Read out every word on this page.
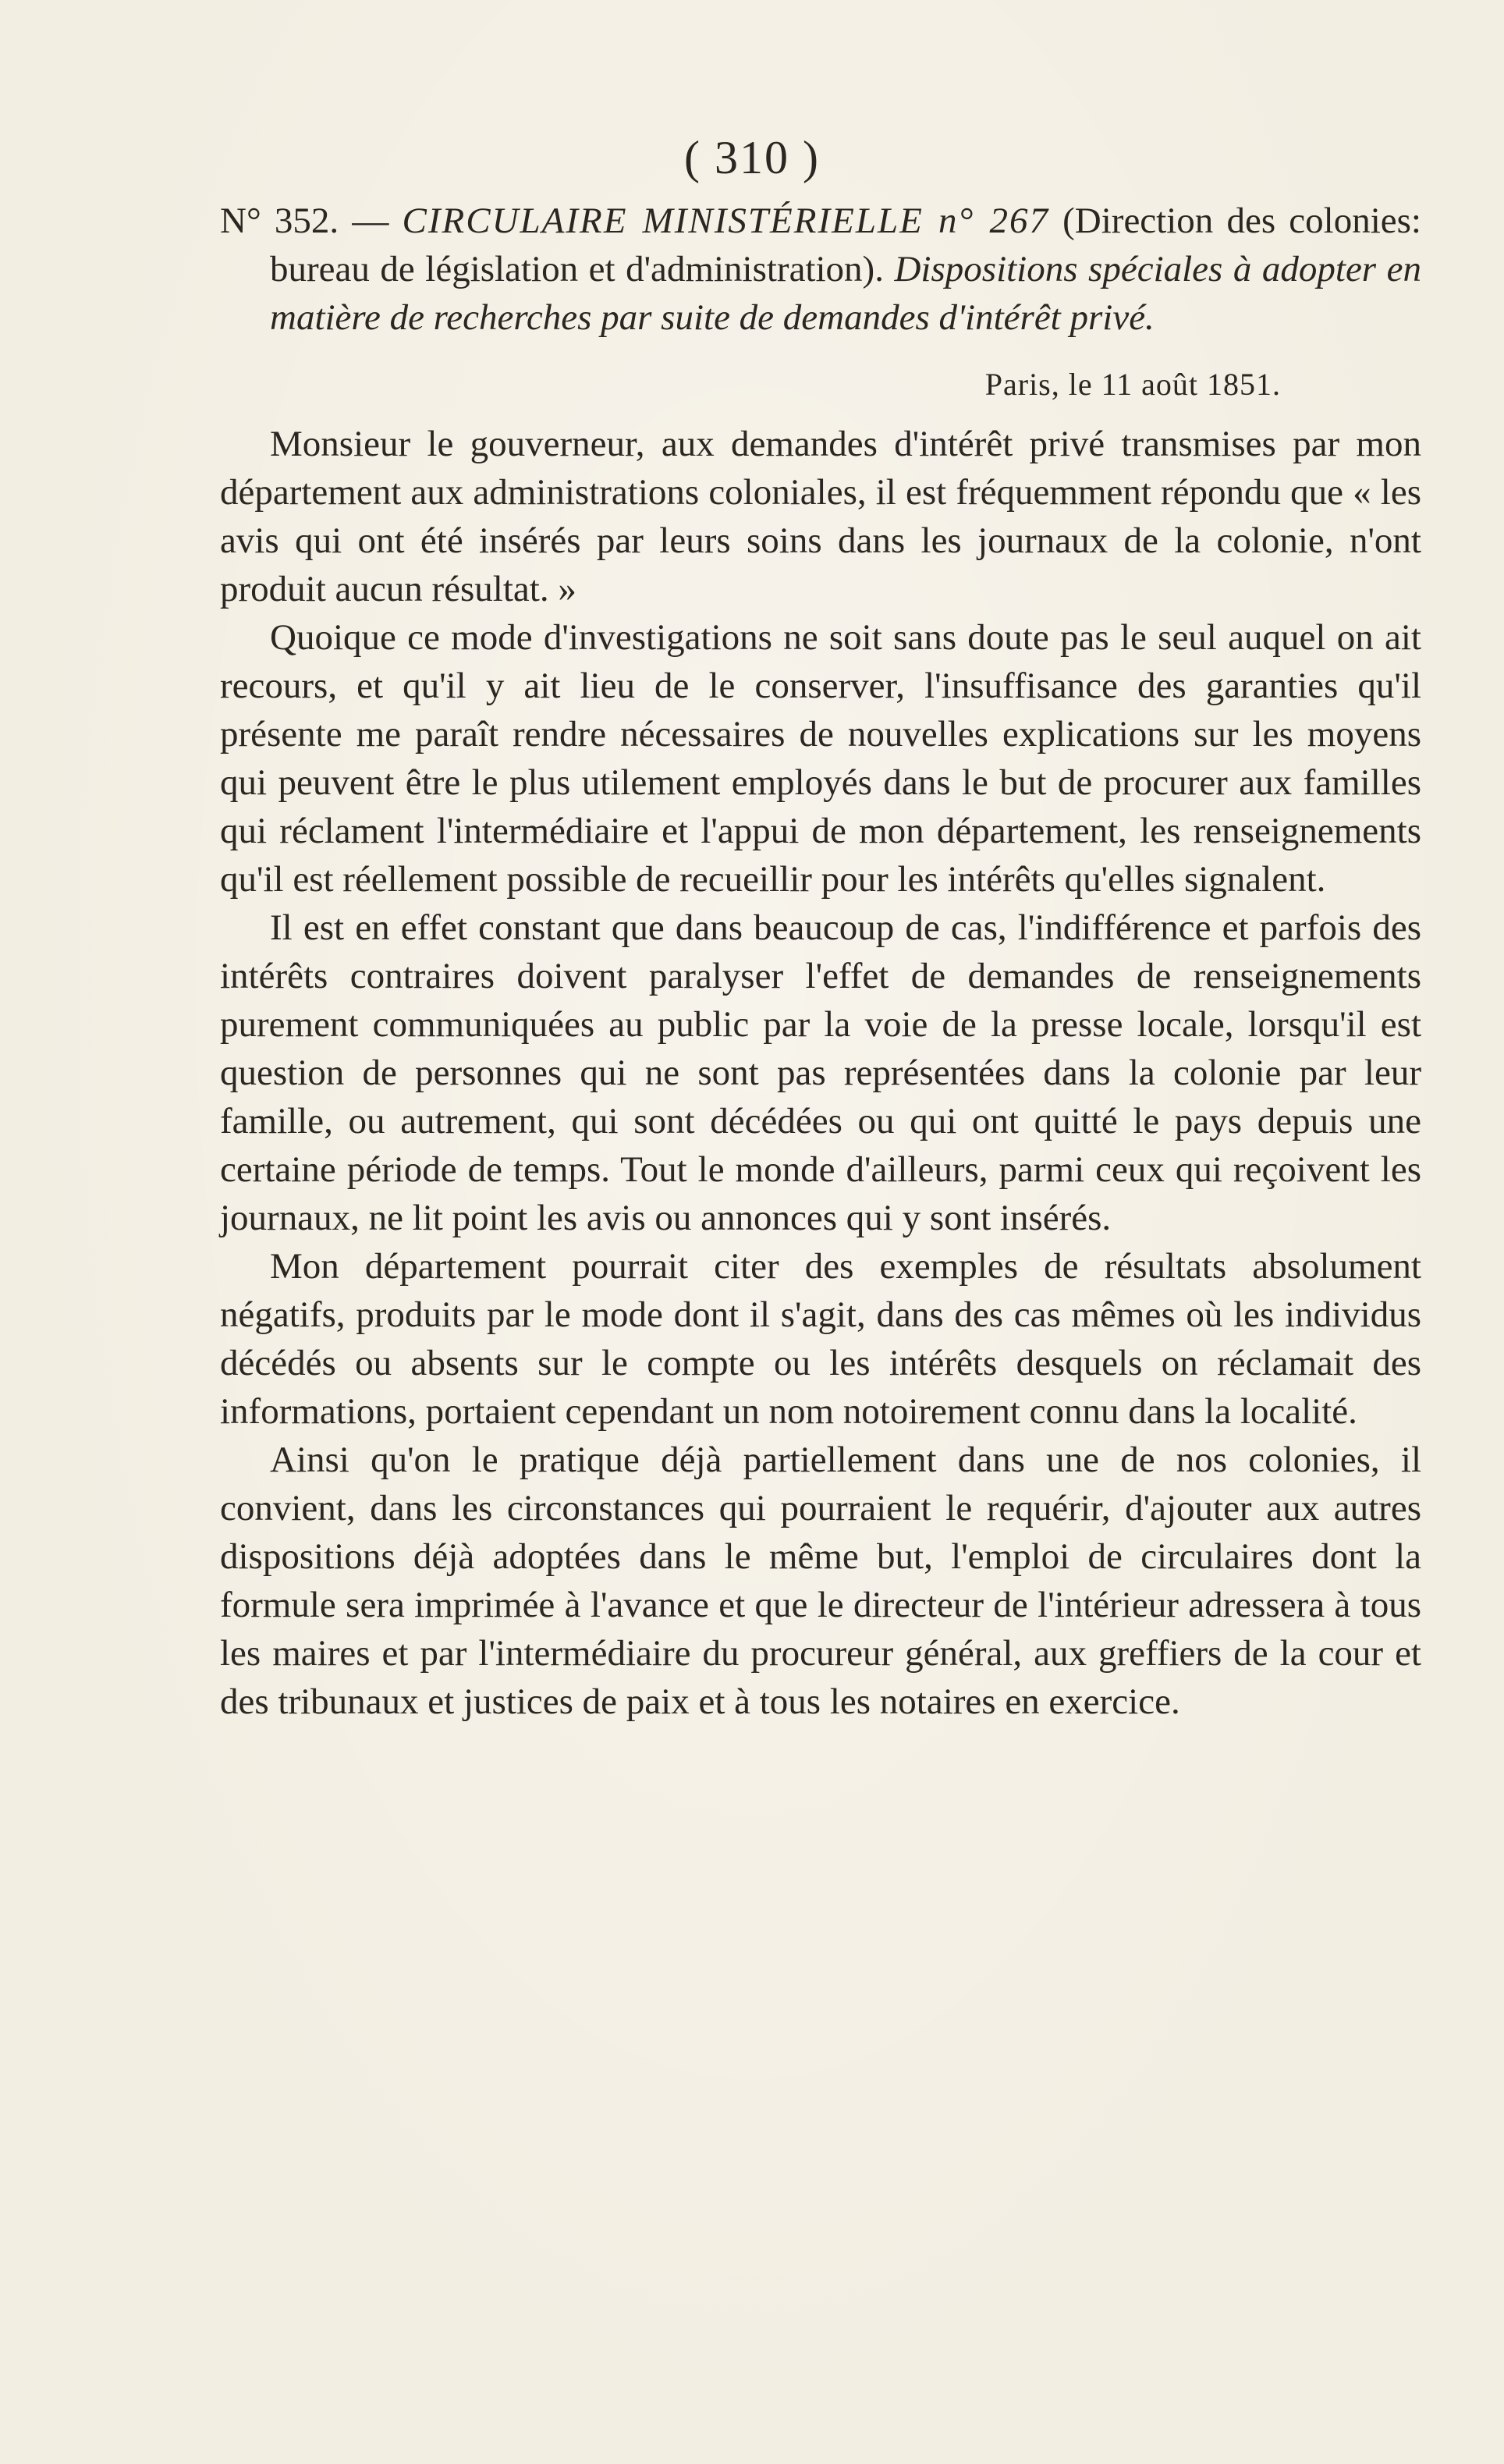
( 310 )

N° 352. — CIRCULAIRE MINISTÉRIELLE n° 267 (Direction des colonies: bureau de législation et d'administration). Dispositions spéciales à adopter en matière de recherches par suite de demandes d'intérêt privé.

Paris, le 11 août 1851.

Monsieur le gouverneur, aux demandes d'intérêt privé transmises par mon département aux administrations coloniales, il est fréquemment répondu que « les avis qui ont été insérés par leurs soins dans les journaux de la colonie, n'ont produit aucun résultat. »

Quoique ce mode d'investigations ne soit sans doute pas le seul auquel on ait recours, et qu'il y ait lieu de le conserver, l'insuffisance des garanties qu'il présente me paraît rendre nécessaires de nouvelles explications sur les moyens qui peuvent être le plus utilement employés dans le but de procurer aux familles qui réclament l'intermédiaire et l'appui de mon département, les renseignements qu'il est réellement possible de recueillir pour les intérêts qu'elles signalent.

Il est en effet constant que dans beaucoup de cas, l'indifférence et parfois des intérêts contraires doivent paralyser l'effet de demandes de renseignements purement communiquées au public par la voie de la presse locale, lorsqu'il est question de personnes qui ne sont pas représentées dans la colonie par leur famille, ou autrement, qui sont décédées ou qui ont quitté le pays depuis une certaine période de temps. Tout le monde d'ailleurs, parmi ceux qui reçoivent les journaux, ne lit point les avis ou annonces qui y sont insérés.

Mon département pourrait citer des exemples de résultats absolument négatifs, produits par le mode dont il s'agit, dans des cas mêmes où les individus décédés ou absents sur le compte ou les intérêts desquels on réclamait des informations, portaient cependant un nom notoirement connu dans la localité.

Ainsi qu'on le pratique déjà partiellement dans une de nos colonies, il convient, dans les circonstances qui pourraient le requérir, d'ajouter aux autres dispositions déjà adoptées dans le même but, l'emploi de circulaires dont la formule sera imprimée à l'avance et que le directeur de l'intérieur adressera à tous les maires et par l'intermédiaire du procureur général, aux greffiers de la cour et des tribunaux et justices de paix et à tous les notaires en exercice.
